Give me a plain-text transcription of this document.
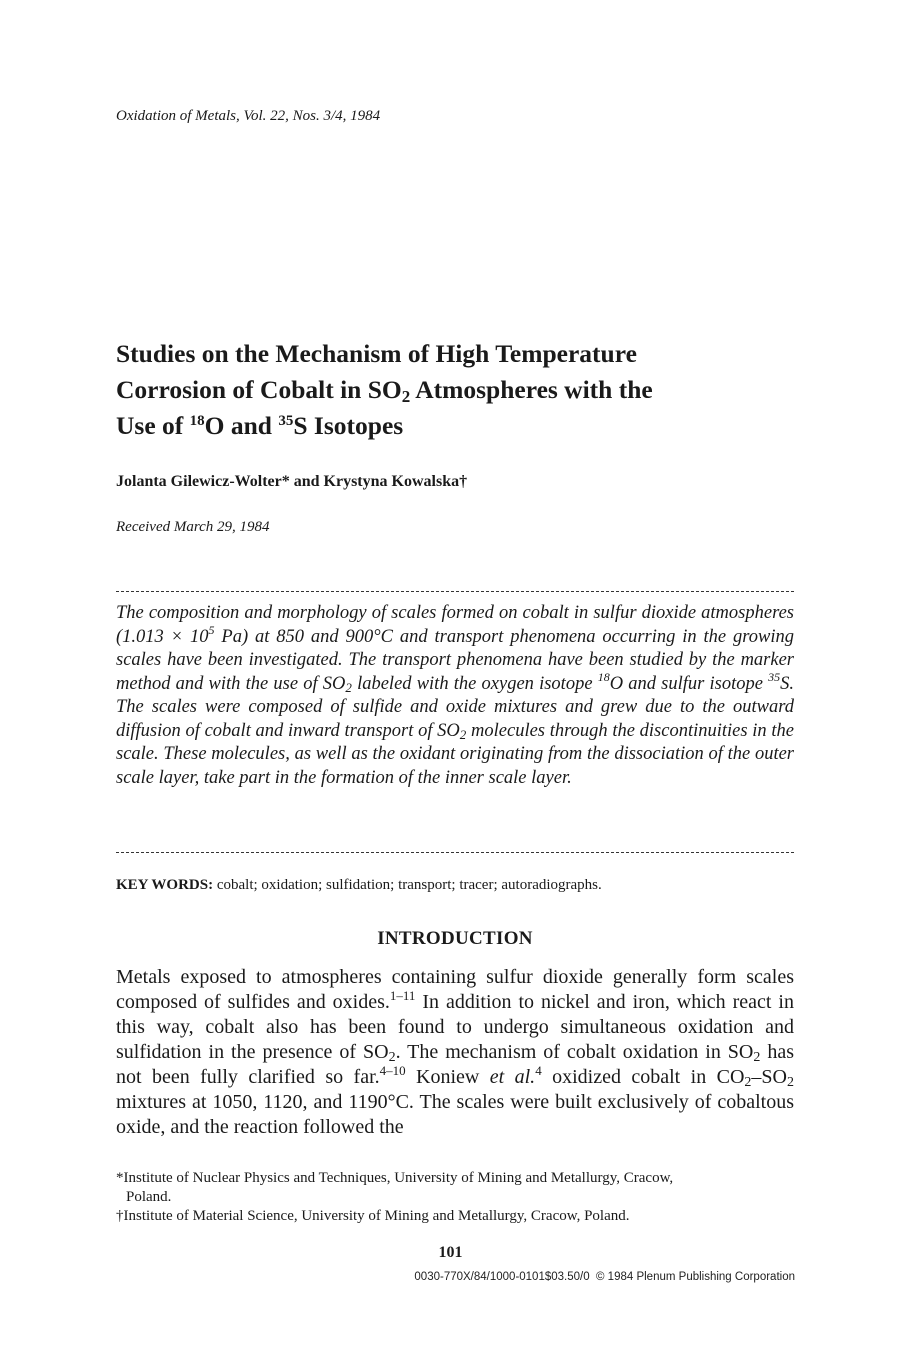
Oxidation of Metals, Vol. 22, Nos. 3/4, 1984
Studies on the Mechanism of High Temperature
Corrosion of Cobalt in $SO_2$ Atmospheres with the
Use of $^{18}$O and $^{35}$S Isotopes
Jolanta Gilewicz-Wolter* and Krystyna Kowalska†
Received March 29, 1984
The composition and morphology of scales formed on cobalt in sulfur dioxide atmospheres ($1.013 \times 10^5$ Pa) at 850 and 900°C and transport phenomena occurring in the growing scales have been investigated. The transport phenomena have been studied by the marker method and with the use of $SO_2$ labeled with the oxygen isotope $^{18}$O and sulfur isotope $^{35}$S. The scales were composed of sulfide and oxide mixtures and grew due to the outward diffusion of cobalt and inward transport of $SO_2$ molecules through the discontinuities in the scale. These molecules, as well as the oxidant originating from the dissociation of the outer scale layer, take part in the formation of the inner scale layer.
KEY WORDS: cobalt; oxidation; sulfidation; transport; tracer; autoradiographs.
INTRODUCTION
Metals exposed to atmospheres containing sulfur dioxide generally form scales composed of sulfides and oxides.$^{1-11}$ In addition to nickel and iron, which react in this way, cobalt also has been found to undergo simultaneous oxidation and sulfidation in the presence of $SO_2$. The mechanism of cobalt oxidation in $SO_2$ has not been fully clarified so far.$^{4-10}$ Koniew et al.$^4$ oxidized cobalt in $CO_2-SO_2$ mixtures at 1050, 1120, and 1190°C. The scales were built exclusively of cobaltous oxide, and the reaction followed the
*Institute of Nuclear Physics and Techniques, University of Mining and Metallurgy, Cracow,
Poland.
†Institute of Material Science, University of Mining and Metallurgy, Cracow, Poland.
101
0030-770X/84/1000-0101$03.50/0  © 1984 Plenum Publishing Corporation
